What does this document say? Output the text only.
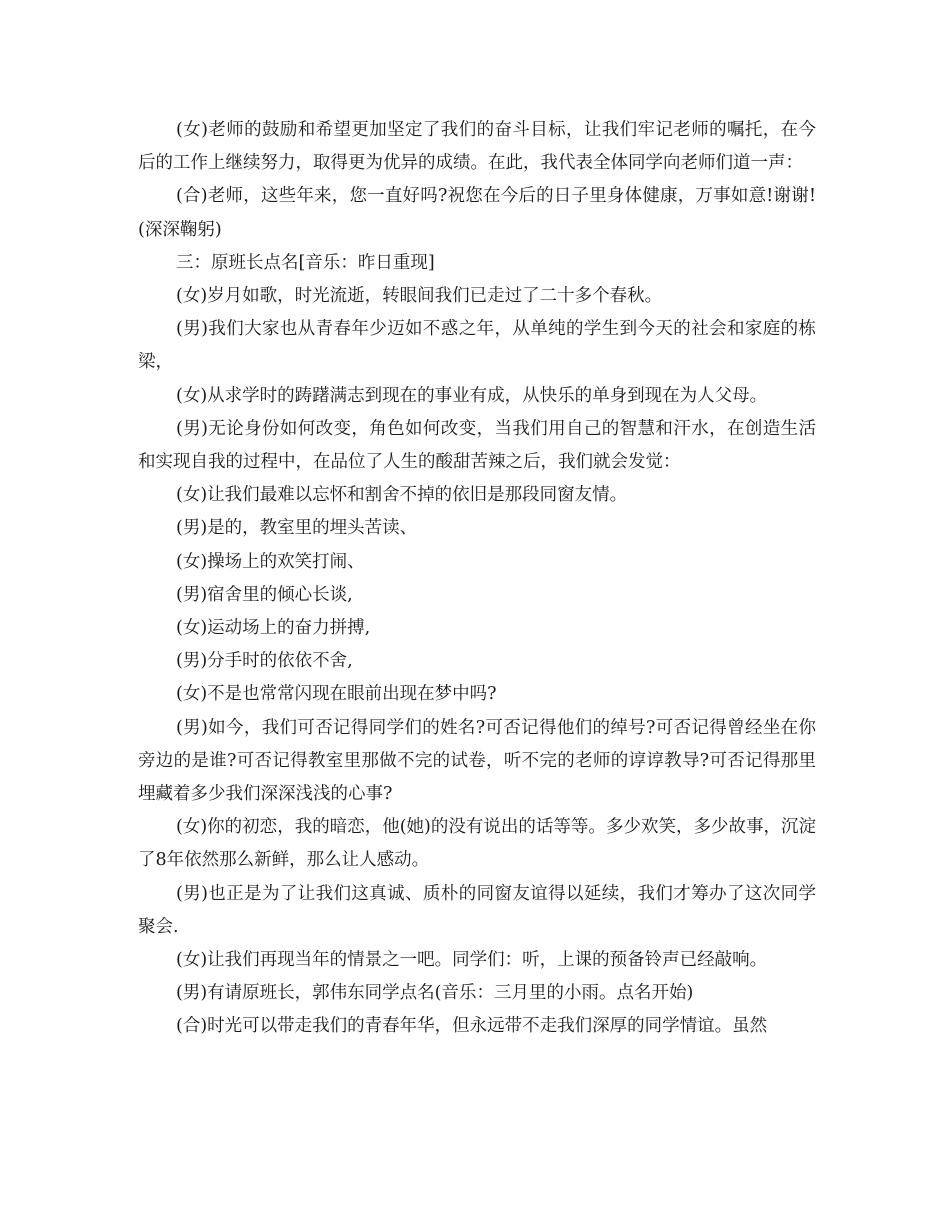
(女)老师的鼓励和希望更加坚定了我们的奋斗目标，让我们牢记老师的嘱托，在今后的工作上继续努力，取得更为优异的成绩。在此，我代表全体同学向老师们道一声：

(合)老师，这些年来，您一直好吗?祝您在今后的日子里身体健康，万事如意!谢谢!(深深鞠躬)

三：原班长点名[音乐：昨日重现]

(女)岁月如歌，时光流逝，转眼间我们已走过了二十多个春秋。

(男)我们大家也从青春年少迈如不惑之年，从单纯的学生到今天的社会和家庭的栋梁，

(女)从求学时的踌躇满志到现在的事业有成，从快乐的单身到现在为人父母。

(男)无论身份如何改变，角色如何改变，当我们用自己的智慧和汗水，在创造生活和实现自我的过程中，在品位了人生的酸甜苦辣之后，我们就会发觉：

(女)让我们最难以忘怀和割舍不掉的依旧是那段同窗友情。

(男)是的，教室里的埋头苦读、

(女)操场上的欢笑打闹、

(男)宿舍里的倾心长谈,

(女)运动场上的奋力拼搏,

(男)分手时的依依不舍,

(女)不是也常常闪现在眼前出现在梦中吗?

(男)如今，我们可否记得同学们的姓名?可否记得他们的绰号?可否记得曾经坐在你旁边的是谁?可否记得教室里那做不完的试卷，听不完的老师的谆谆教导?可否记得那里埋藏着多少我们深深浅浅的心事?

(女)你的初恋，我的暗恋，他(她)的没有说出的话等等。多少欢笑，多少故事，沉淀了8年依然那么新鲜，那么让人感动。

(男)也正是为了让我们这真诚、质朴的同窗友谊得以延续，我们才筹办了这次同学聚会.

(女)让我们再现当年的情景之一吧。同学们：听，上课的预备铃声已经敲响。

(男)有请原班长，郭伟东同学点名(音乐：三月里的小雨。点名开始)

(合)时光可以带走我们的青春年华，但永远带不走我们深厚的同学情谊。虽然
